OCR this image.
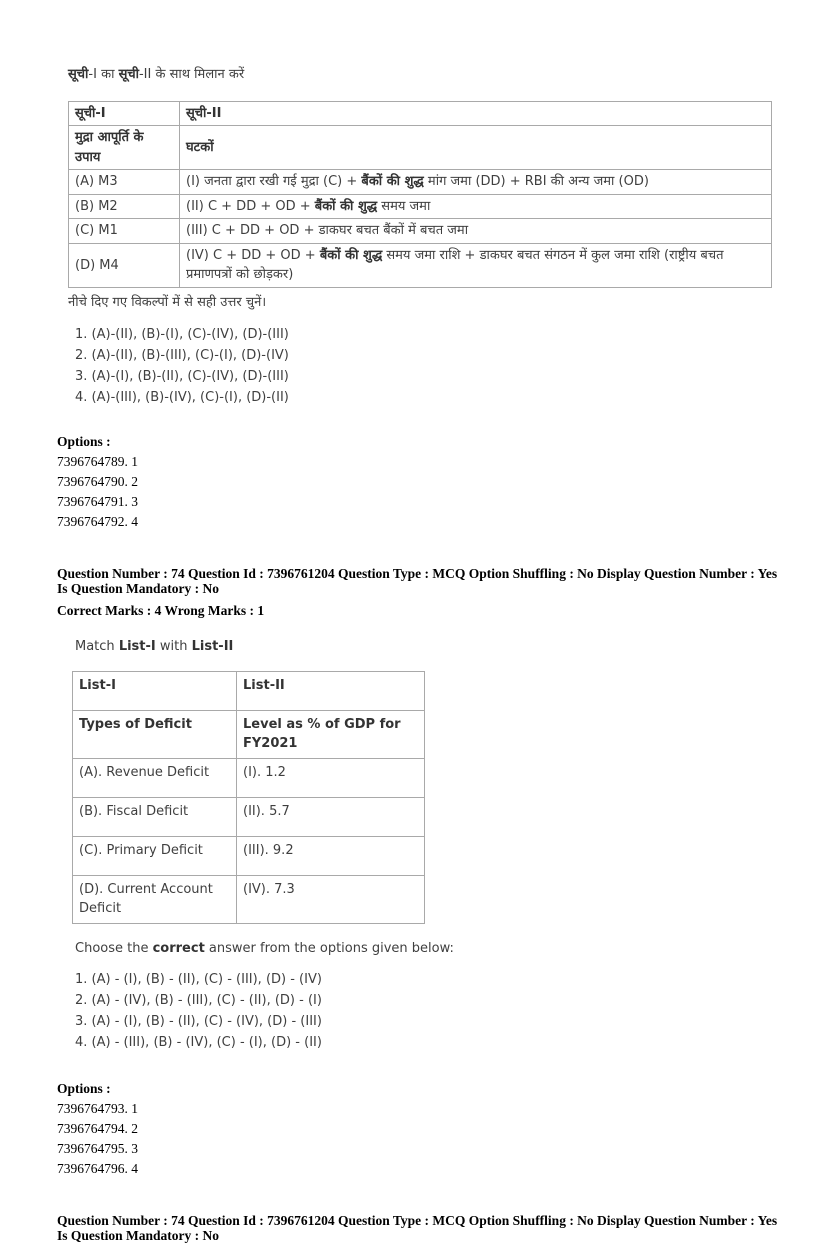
सूची-I का सूची-II के साथ मिलान करें

सूची-I	सूची-II
मुद्रा आपूर्ति के उपाय	घटकों
(A) M3	(I) जनता द्वारा रखी गई मुद्रा (C) + बैंकों की शुद्ध मांग जमा (DD) + RBI की अन्य जमा (OD)
(B) M2	(II) C + DD + OD + बैंकों की शुद्ध समय जमा
(C) M1	(III) C + DD + OD + डाकघर बचत बैंकों में बचत जमा
(D) M4	(IV) C + DD + OD + बैंकों की शुद्ध समय जमा राशि + डाकघर बचत संगठन में कुल जमा राशि (राष्ट्रीय बचत प्रमाणपत्रों को छोड़कर)

नीचे दिए गए विकल्पों में से सही उत्तर चुनें।

1. (A)-(II), (B)-(I), (C)-(IV), (D)-(III)

2. (A)-(II), (B)-(III), (C)-(I), (D)-(IV)

3. (A)-(I), (B)-(II), (C)-(IV), (D)-(III)

4. (A)-(III), (B)-(IV), (C)-(I), (D)-(II)

Options :

7396764789. 1

7396764790. 2

7396764791. 3

7396764792. 4

Question Number : 74 Question Id : 7396761204 Question Type : MCQ Option Shuffling : No Display Question Number : Yes

Is Question Mandatory : No

Correct Marks : 4 Wrong Marks : 1

Match List-I with List-II

List-I	List-II
Types of Deficit	Level as % of GDP for FY2021
(A). Revenue Deficit	(I). 1.2
(B). Fiscal Deficit	(II). 5.7
(C). Primary Deficit	(III). 9.2
(D). Current Account Deficit	(IV). 7.3

Choose the correct answer from the options given below:

1. (A) - (I), (B) - (II), (C) - (III), (D) - (IV)

2. (A) - (IV), (B) - (III), (C) - (II), (D) - (I)

3. (A) - (I), (B) - (II), (C) - (IV), (D) - (III)

4. (A) - (III), (B) - (IV), (C) - (I), (D) - (II)

Options :

7396764793. 1

7396764794. 2

7396764795. 3

7396764796. 4

Question Number : 74 Question Id : 7396761204 Question Type : MCQ Option Shuffling : No Display Question Number : Yes

Is Question Mandatory : No
